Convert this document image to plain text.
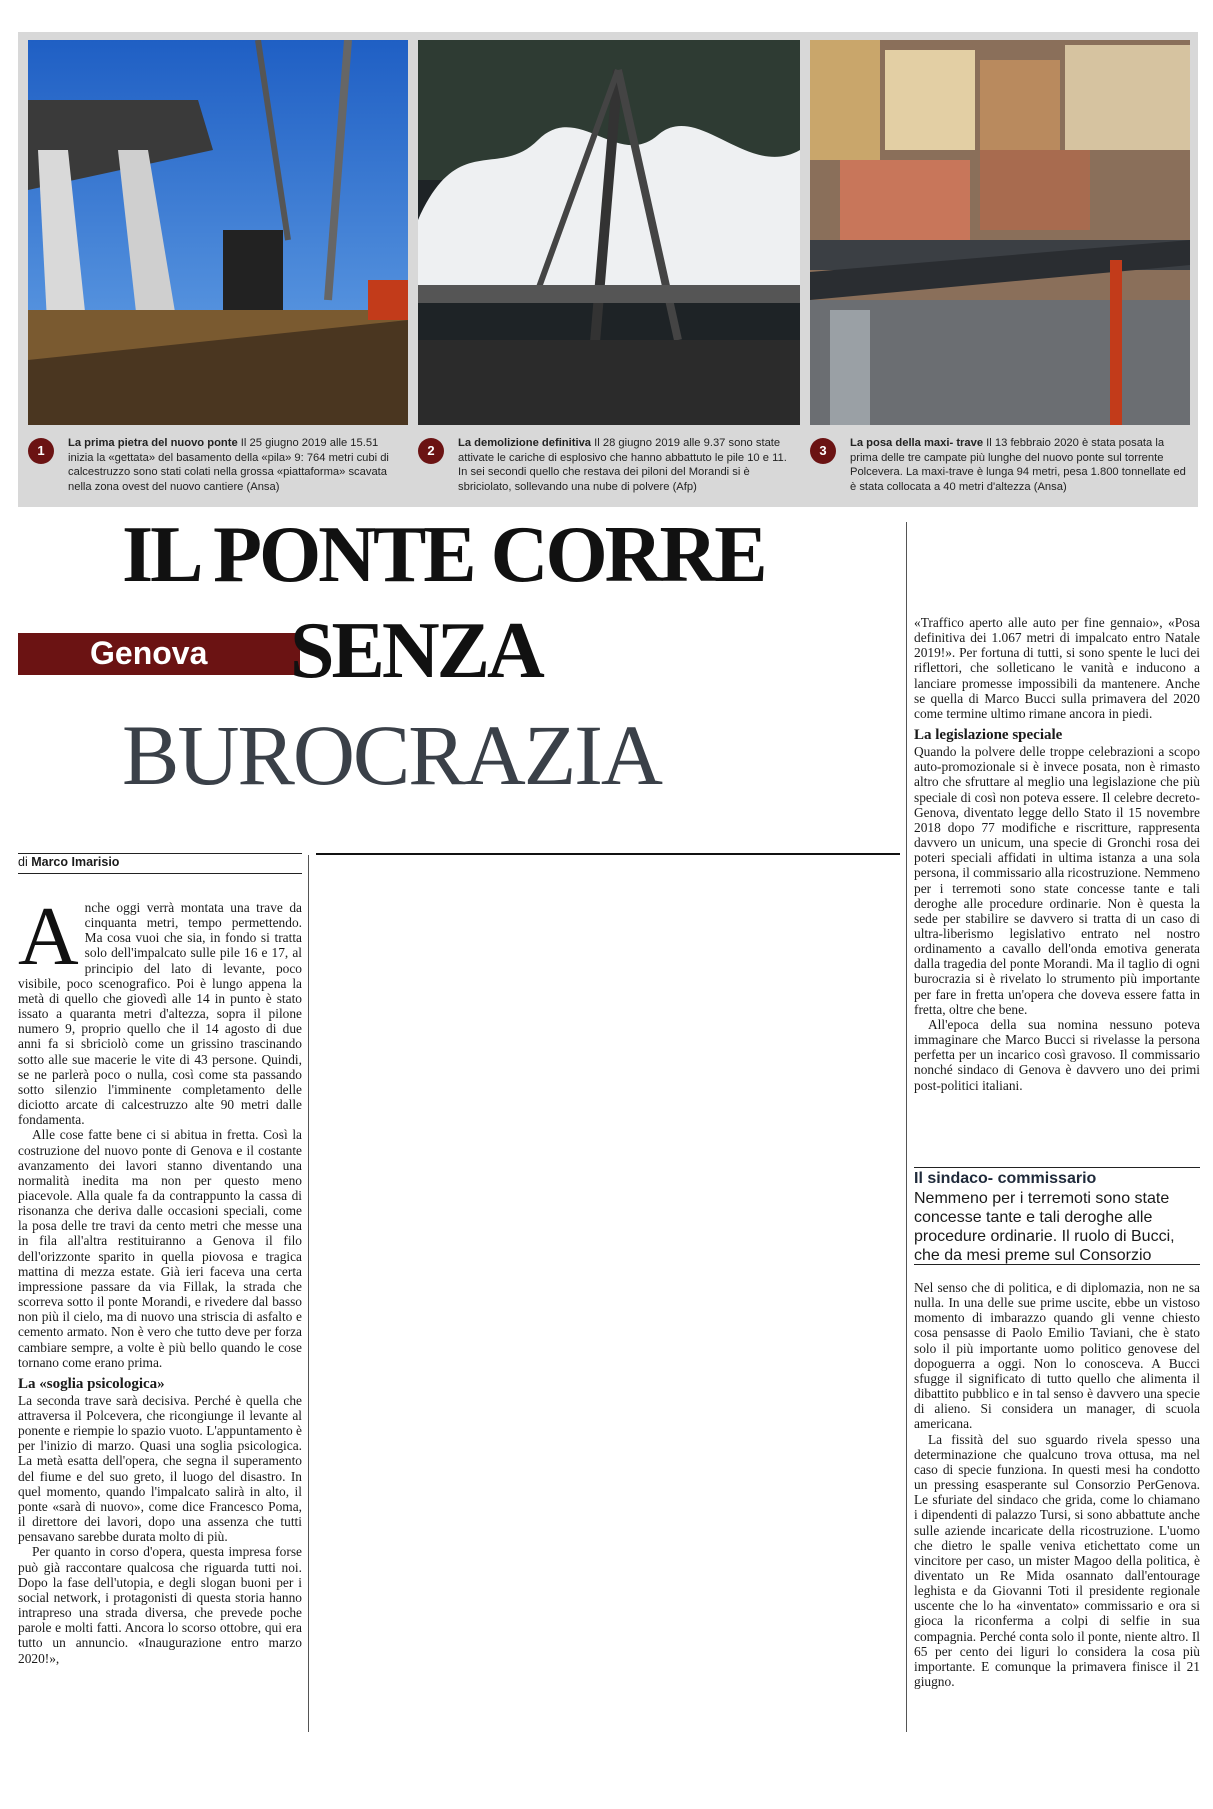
1	La prima pietra del nuovo ponte Il 25 giugno 2019 alle 15.51 inizia la «gettata» del basamento della «pila» 9: 764 metri cubi di calcestruzzo sono stati colati nella grossa «piattaforma» scavata nella zona ovest del nuovo cantiere (Ansa)
2	La demolizione definitiva Il 28 giugno 2019 alle 9.37 sono state attivate le cariche di esplosivo che hanno abbattuto le pile 10 e 11. In sei secondi quello che restava dei piloni del Morandi si è sbriciolato, sollevando una nube di polvere (Afp)
3	La posa della maxi- trave Il 13 febbraio 2020 è stata posata la prima delle tre campate più lunghe del nuovo ponte sul torrente Polcevera. La maxi-trave è lunga 94 metri, pesa 1.800 tonnellate ed è stata collocata a 40 metri d'altezza (Ansa)
IL PONTE CORRE
Genova SENZA
BUROCRAZIA
di Marco Imarisio

Anche oggi verrà montata una trave da cinquanta metri, tempo permettendo. Ma cosa vuoi che sia, in fondo si tratta solo dell'impalcato sulle pile 16 e 17, al principio del lato di levante, poco visibile, poco scenografico. Poi è lungo appena la metà di quello che giovedì alle 14 in punto è stato issato a quaranta metri d'altezza, sopra il pilone numero 9, proprio quello che il 14 agosto di due anni fa si sbriciolò come un grissino trascinando sotto alle sue macerie le vite di 43 persone. Quindi, se ne parlerà poco o nulla, così come sta passando sotto silenzio l'imminente completamento delle diciotto arcate di calcestruzzo alte 90 metri dalle fondamenta.

Alle cose fatte bene ci si abitua in fretta. Così la costruzione del nuovo ponte di Genova e il costante avanzamento dei lavori stanno diventando una normalità inedita ma non per questo meno piacevole. Alla quale fa da contrappunto la cassa di risonanza che deriva dalle occasioni speciali, come la posa delle tre travi da cento metri che messe una in fila all'altra restituiranno a Genova il filo dell'orizzonte sparito in quella piovosa e tragica mattina di mezza estate. Già ieri faceva una certa impressione passare da via Fillak, la strada che scorreva sotto il ponte Morandi, e rivedere dal basso non più il cielo, ma di nuovo una striscia di asfalto e cemento armato. Non è vero che tutto deve per forza cambiare sempre, a volte è più bello quando le cose tornano come erano prima.

La «soglia psicologica»

La seconda trave sarà decisiva. Perché è quella che attraversa il Polcevera, che ricongiunge il levante al ponente e riempie lo spazio vuoto. L'appuntamento è per l'inizio di marzo. Quasi una soglia psicologica. La metà esatta dell'opera, che segna il superamento del fiume e del suo greto, il luogo del disastro. In quel momento, quando l'impalcato salirà in alto, il ponte «sarà di nuovo», come dice Francesco Poma, il direttore dei lavori, dopo una assenza che tutti pensavano sarebbe durata molto di più.

Per quanto in corso d'opera, questa impresa forse può già raccontare qualcosa che riguarda tutti noi. Dopo la fase dell'utopia, e degli slogan buoni per i social network, i protagonisti di questa storia hanno intrapreso una strada diversa, che prevede poche parole e molti fatti. Ancora lo scorso ottobre, qui era tutto un annuncio. «Inaugurazione entro marzo 2020!»,

«Traffico aperto alle auto per fine gennaio», «Posa definitiva dei 1.067 metri di impalcato entro Natale 2019!». Per fortuna di tutti, si sono spente le luci dei riflettori, che solleticano le vanità e inducono a lanciare promesse impossibili da mantenere. Anche se quella di Marco Bucci sulla primavera del 2020 come termine ultimo rimane ancora in piedi.

La legislazione speciale

Quando la polvere delle troppe celebrazioni a scopo auto-promozionale si è invece posata, non è rimasto altro che sfruttare al meglio una legislazione che più speciale di così non poteva essere. Il celebre decreto-Genova, diventato legge dello Stato il 15 novembre 2018 dopo 77 modifiche e riscritture, rappresenta davvero un unicum, una specie di Gronchi rosa dei poteri speciali affidati in ultima istanza a una sola persona, il commissario alla ricostruzione. Nemmeno per i terremoti sono state concesse tante e tali deroghe alle procedure ordinarie. Non è questa la sede per stabilire se davvero si tratta di un caso di ultra-liberismo legislativo entrato nel nostro ordinamento a cavallo dell'onda emotiva generata dalla tragedia del ponte Morandi. Ma il taglio di ogni burocrazia si è rivelato lo strumento più importante per fare in fretta un'opera che doveva essere fatta in fretta, oltre che bene.

All'epoca della sua nomina nessuno poteva immaginare che Marco Bucci si rivelasse la persona perfetta per un incarico così gravoso. Il commissario nonché sindaco di Genova è davvero uno dei primi post-politici italiani.

Il sindaco- commissario
Nemmeno per i terremoti sono state concesse tante e tali deroghe alle procedure ordinarie. Il ruolo di Bucci, che da mesi preme sul Consorzio

Nel senso che di politica, e di diplomazia, non ne sa nulla. In una delle sue prime uscite, ebbe un vistoso momento di imbarazzo quando gli venne chiesto cosa pensasse di Paolo Emilio Taviani, che è stato solo il più importante uomo politico genovese del dopoguerra a oggi. Non lo conosceva. A Bucci sfugge il significato di tutto quello che alimenta il dibattito pubblico e in tal senso è davvero una specie di alieno. Si considera un manager, di scuola americana.

La fissità del suo sguardo rivela spesso una determinazione che qualcuno trova ottusa, ma nel caso di specie funziona. In questi mesi ha condotto un pressing esasperante sul Consorzio PerGenova. Le sfuriate del sindaco che grida, come lo chiamano i dipendenti di palazzo Tursi, si sono abbattute anche sulle aziende incaricate della ricostruzione. L'uomo che dietro le spalle veniva etichettato come un vincitore per caso, un mister Magoo della politica, è diventato un Re Mida osannato dall'entourage leghista e da Giovanni Toti il presidente regionale uscente che lo ha «inventato» commissario e ora si gioca la riconferma a colpi di selfie in sua compagnia. Perché conta solo il ponte, niente altro. Il 65 per cento dei liguri lo considera la cosa più importante. E comunque la primavera finisce il 21 giugno.
